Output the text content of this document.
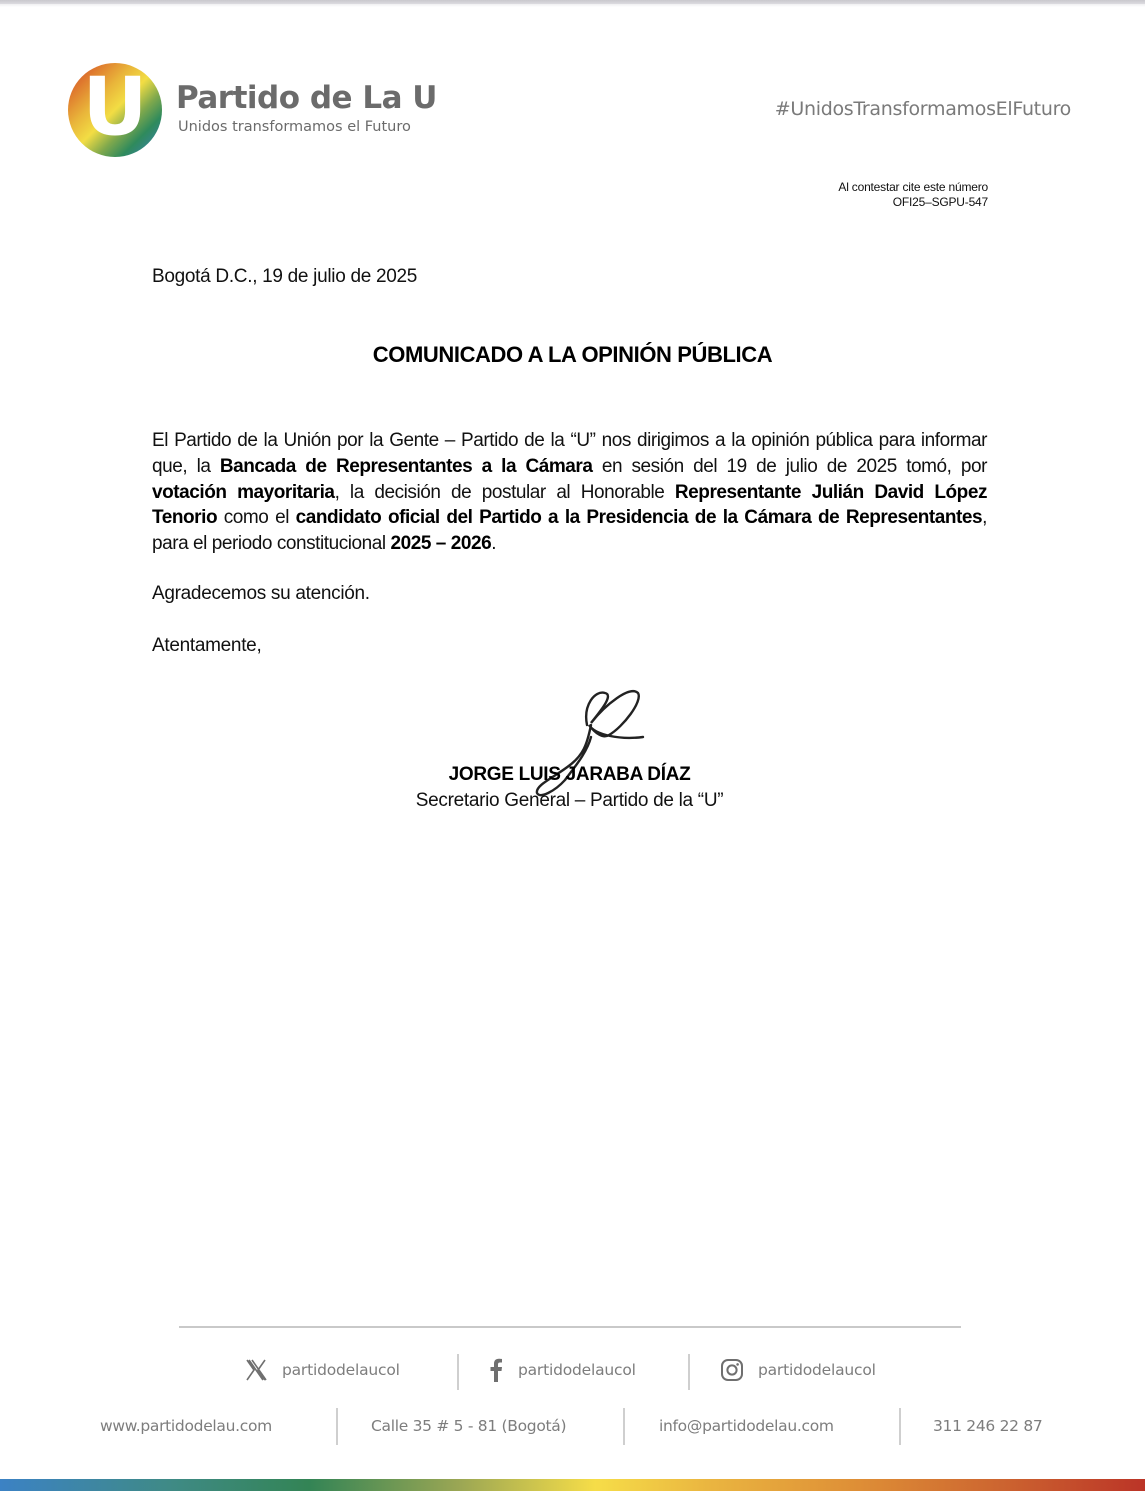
U Partido de La U
Unidos transformamos el Futuro
#UnidosTransformamosElFuturo
Al contestar cite este número
OFI25–SGPU-547
Bogotá D.C., 19 de julio de 2025
COMUNICADO A LA OPINIÓN PÚBLICA
El Partido de la Unión por la Gente – Partido de la “U” nos dirigimos a la opinión pública para informar que, la Bancada de Representantes a la Cámara en sesión del 19 de julio de 2025 tomó, por votación mayoritaria, la decisión de postular al Honorable Representante Julián David López Tenorio como el candidato oficial del Partido a la Presidencia de la Cámara de Representantes, para el periodo constitucional 2025 – 2026.
Agradecemos su atención.
Atentamente,
JORGE LUIS JARABA DÍAZ
Secretario General – Partido de la “U”
partidodelaucol	partidodelaucol	partidodelaucol
www.partidodelau.com	Calle 35 # 5 - 81 (Bogotá)	info@partidodelau.com	311 246 22 87
